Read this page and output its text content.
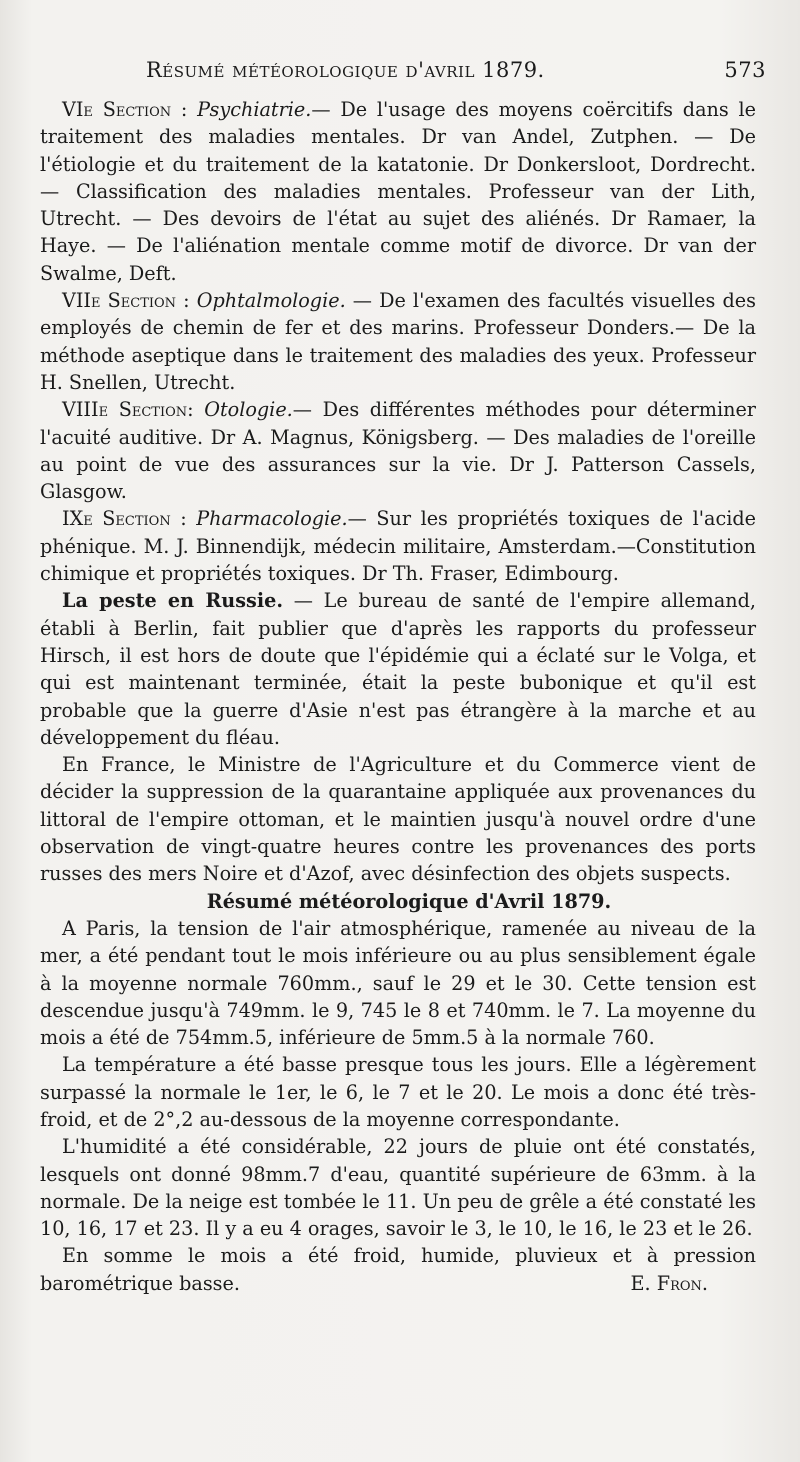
Résumé météorologique d'avril 1879.	573

VIe Section : Psychiatrie.— De l'usage des moyens coërcitifs dans le traitement des maladies mentales. Dr van Andel, Zutphen. — De l'étiologie et du traitement de la katatonie. Dr Donkersloot, Dordrecht. — Classification des maladies mentales. Professeur van der Lith, Utrecht. — Des devoirs de l'état au sujet des aliénés. Dr Ramaer, la Haye. — De l'aliénation mentale comme motif de divorce. Dr van der Swalme, Deft.

VIIe Section : Ophtalmologie. — De l'examen des facultés visuelles des employés de chemin de fer et des marins. Professeur Donders.— De la méthode aseptique dans le traitement des maladies des yeux. Professeur H. Snellen, Utrecht.

VIIIe Section: Otologie.— Des différentes méthodes pour déterminer l'acuité auditive. Dr A. Magnus, Königsberg. — Des maladies de l'oreille au point de vue des assurances sur la vie. Dr J. Patterson Cassels, Glasgow.

IXe Section : Pharmacologie.— Sur les propriétés toxiques de l'acide phénique. M. J. Binnendijk, médecin militaire, Amsterdam.—Constitution chimique et propriétés toxiques. Dr Th. Fraser, Edimbourg.

La peste en Russie. — Le bureau de santé de l'empire allemand, établi à Berlin, fait publier que d'après les rapports du professeur Hirsch, il est hors de doute que l'épidémie qui a éclaté sur le Volga, et qui est maintenant terminée, était la peste bubonique et qu'il est probable que la guerre d'Asie n'est pas étrangère à la marche et au développement du fléau.

En France, le Ministre de l'Agriculture et du Commerce vient de décider la suppression de la quarantaine appliquée aux provenances du littoral de l'empire ottoman, et le maintien jusqu'à nouvel ordre d'une observation de vingt-quatre heures contre les provenances des ports russes des mers Noire et d'Azof, avec désinfection des objets suspects.

Résumé météorologique d'Avril 1879.

A Paris, la tension de l'air atmosphérique, ramenée au niveau de la mer, a été pendant tout le mois inférieure ou au plus sensiblement égale à la moyenne normale 760mm., sauf le 29 et le 30. Cette tension est descendue jusqu'à 749mm. le 9, 745 le 8 et 740mm. le 7. La moyenne du mois a été de 754mm.5, inférieure de 5mm.5 à la normale 760.

La température a été basse presque tous les jours. Elle a légèrement surpassé la normale le 1er, le 6, le 7 et le 20. Le mois a donc été très-froid, et de 2°,2 au-dessous de la moyenne correspondante.

L'humidité a été considérable, 22 jours de pluie ont été constatés, lesquels ont donné 98mm.7 d'eau, quantité supérieure de 63mm. à la normale. De la neige est tombée le 11. Un peu de grêle a été constaté les 10, 16, 17 et 23. Il y a eu 4 orages, savoir le 3, le 10, le 16, le 23 et le 26.

En somme le mois a été froid, humide, pluvieux et à pression barométrique basse.	E. Fron.
